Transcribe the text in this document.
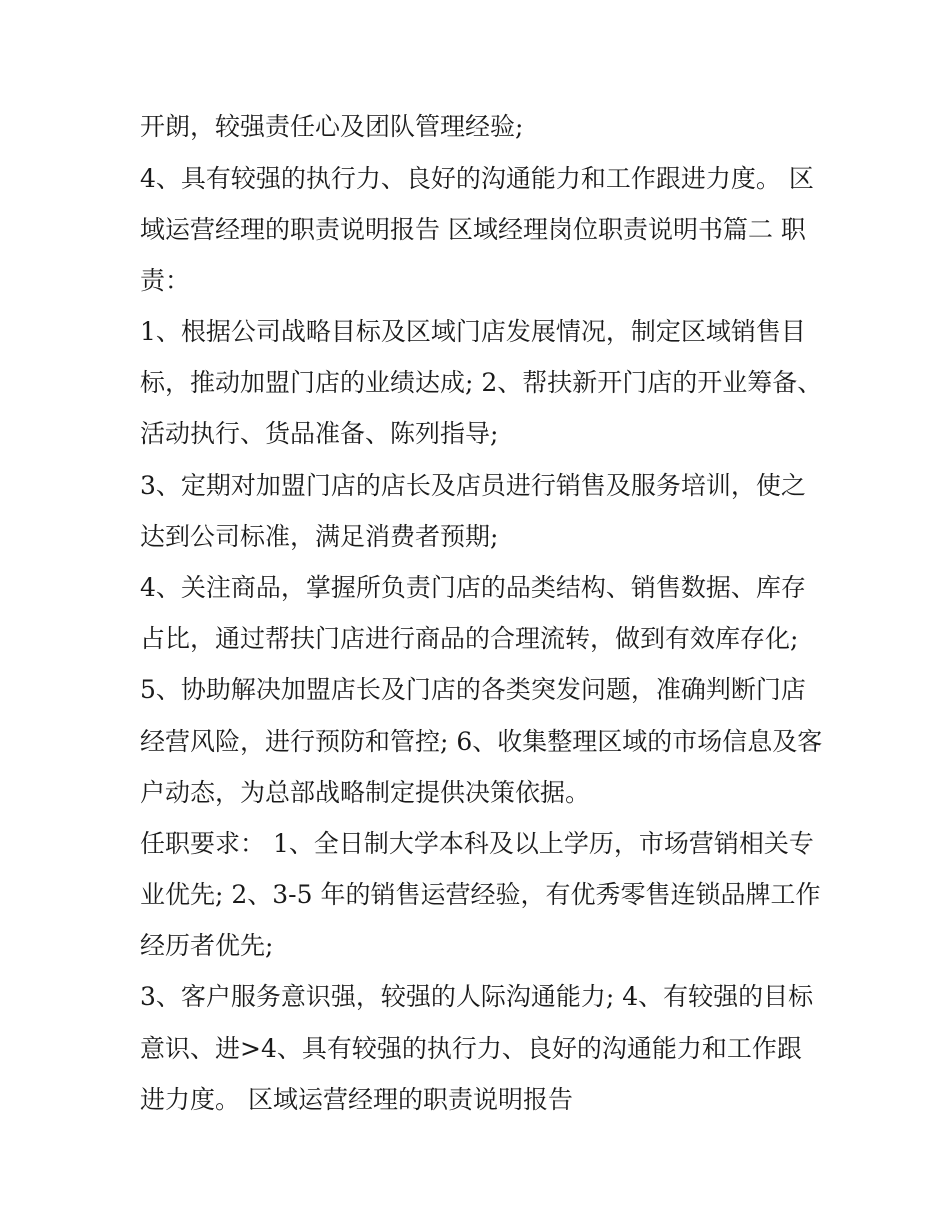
开朗，较强责任心及团队管理经验;
4、具有较强的执行力、良好的沟通能力和工作跟进力度。 区
域运营经理的职责说明报告 区域经理岗位职责说明书篇二 职
责：
1、根据公司战略目标及区域门店发展情况，制定区域销售目
标，推动加盟门店的业绩达成; 2、帮扶新开门店的开业筹备、
活动执行、货品准备、陈列指导;
3、定期对加盟门店的店长及店员进行销售及服务培训，使之
达到公司标准，满足消费者预期;
4、关注商品，掌握所负责门店的品类结构、销售数据、库存
占比，通过帮扶门店进行商品的合理流转，做到有效库存化;
5、协助解决加盟店长及门店的各类突发问题，准确判断门店
经营风险，进行预防和管控; 6、收集整理区域的市场信息及客
户动态，为总部战略制定提供决策依据。
任职要求： 1、全日制大学本科及以上学历，市场营销相关专
业优先; 2、3-5 年的销售运营经验，有优秀零售连锁品牌工作
经历者优先;
3、客户服务意识强，较强的人际沟通能力; 4、有较强的目标
意识、进>4、具有较强的执行力、良好的沟通能力和工作跟
进力度。 区域运营经理的职责说明报告
